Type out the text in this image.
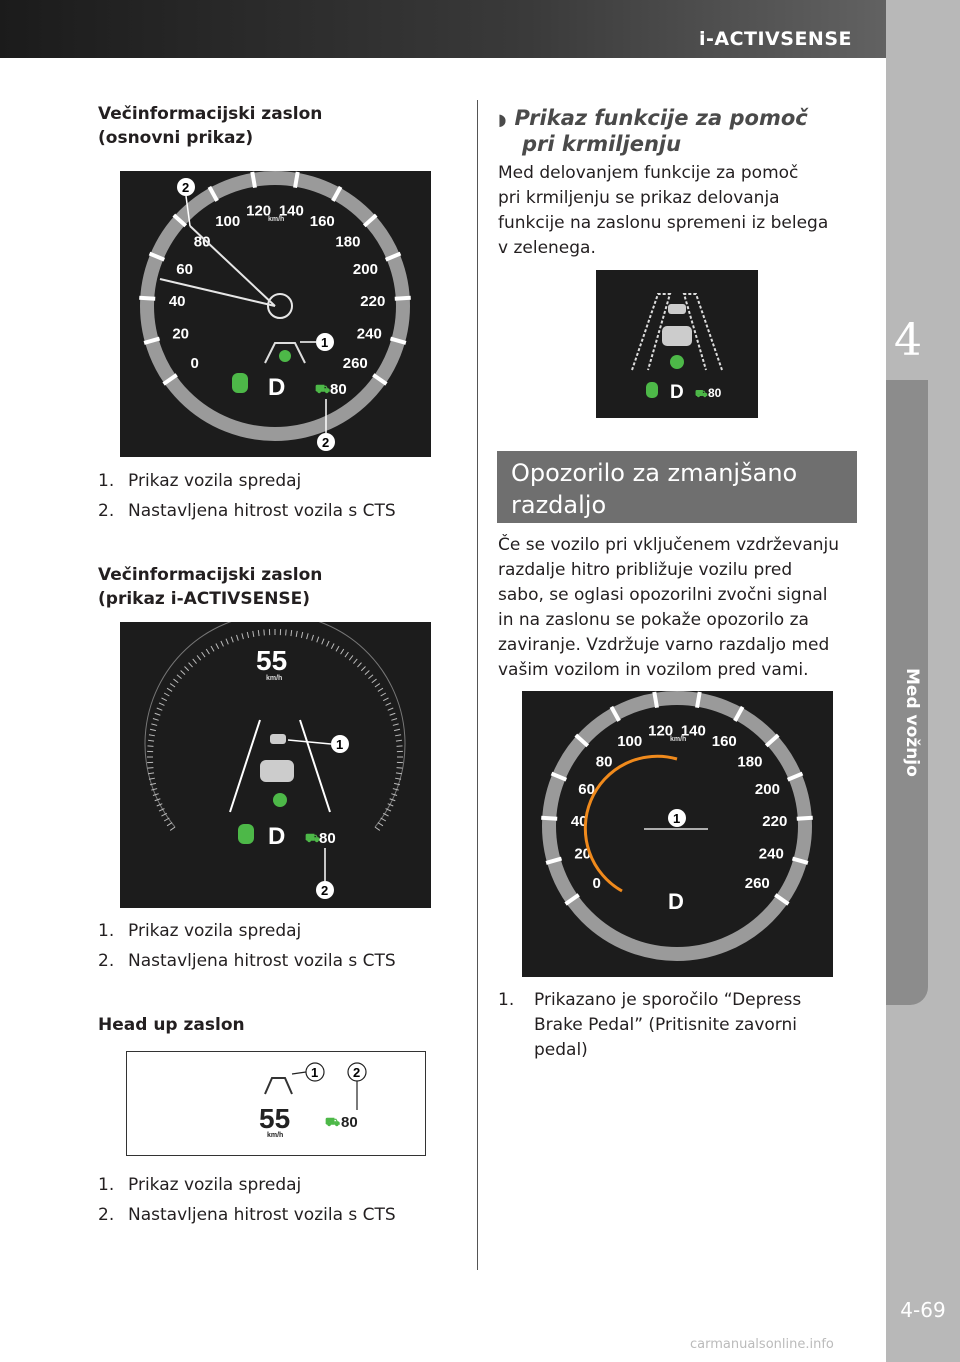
i-ACTIVSENSE
4
Med vožnjo
4-69
Večinformacijski zaslon
(osnovni prikaz)
0
20
40
60
80
100
120 140
160
180
200
220
240
260
km/h
D ⛟ 80
1
2
2
1. Prikaz vozila spredaj
2. Nastavljena hitrost vozila s CTS
Večinformacijski zaslon
(prikaz i-ACTIVSENSE)
55
km/h
D ⛟
80
1
2
1. Prikaz vozila spredaj
2. Nastavljena hitrost vozila s CTS
Head up zaslon
55
km/h
⛟ 80
1	2
1. Prikaz vozila spredaj
2. Nastavljena hitrost vozila s CTS
◗ Prikaz funkcije za pomoč
pri krmiljenju
Med delovanjem funkcije za pomoč
pri krmiljenju se prikaz delovanja
funkcije na zaslonu spremeni iz belega
v zelenega.
D ⛟ 80
Opozorilo za zmanjšano
razdaljo
Če se vozilo pri vključenem vzdrževanju
razdalje hitro približuje vozilu pred
sabo, se oglasi opozorilni zvočni signal
in na zaslonu se pokaže opozorilo za
zaviranje. Vzdržuje varno razdaljo med
vašim vozilom in vozilom pred vami.
0
20
40
60
80
100
120 140
160
180
200
220
240
260
km/h
1
D
1.	Prikazano je sporočilo “Depress
Brake Pedal” (Pritisnite zavorni
pedal)
carmanualsonline.info
